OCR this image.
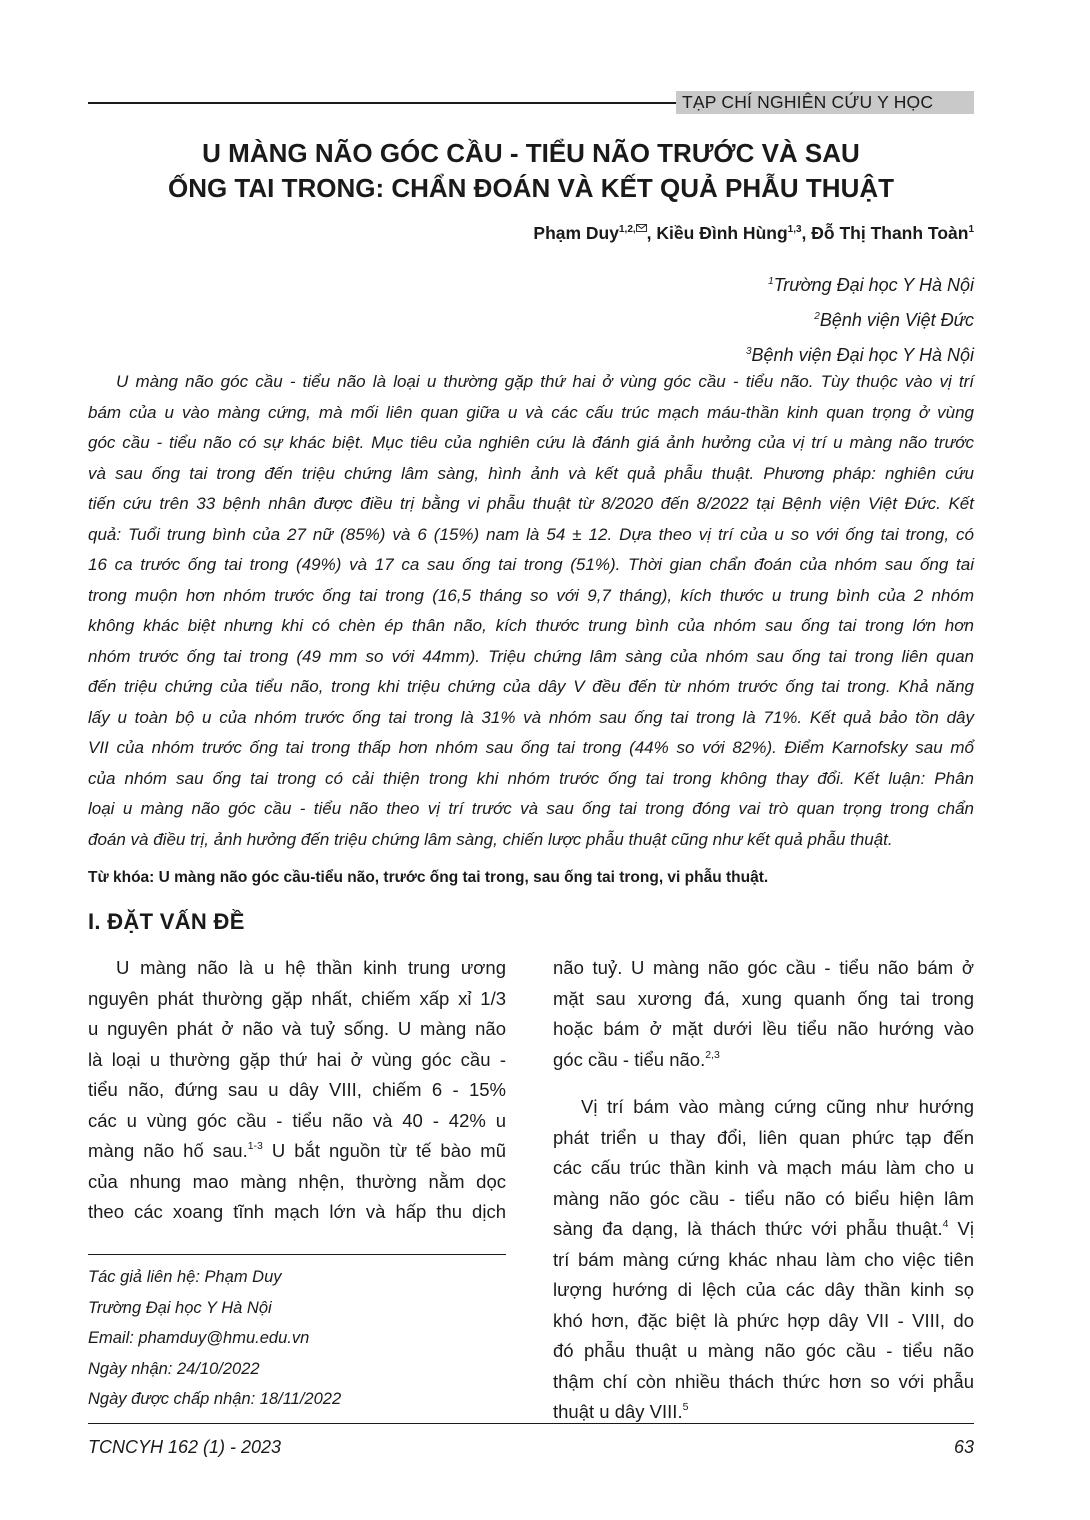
TẠP CHÍ NGHIÊN CỨU Y HỌC
U MÀNG NÃO GÓC CẦU - TIỂU NÃO TRƯỚC VÀ SAU
ỐNG TAI TRONG: CHẨN ĐOÁN VÀ KẾT QUẢ PHẪU THUẬT
Phạm Duy$^{1,2,}$ , Kiều Đình Hùng$^{1,3}$, Đỗ Thị Thanh Toàn$^1$
$^1$Trường Đại học Y Hà Nội
$^2$Bệnh viện Việt Đức
$^3$Bệnh viện Đại học Y Hà Nội
U màng não góc cầu - tiểu não là loại u thường gặp thứ hai ở vùng góc cầu - tiểu não. Tùy thuộc vào vị trí
bám của u vào màng cứng, mà mối liên quan giữa u và các cấu trúc mạch máu-thần kinh quan trọng ở vùng
góc cầu - tiểu não có sự khác biệt. Mục tiêu của nghiên cứu là đánh giá ảnh hưởng của vị trí u màng não trước
và sau ống tai trong đến triệu chứng lâm sàng, hình ảnh và kết quả phẫu thuật. Phương pháp: nghiên cứu
tiến cứu trên 33 bệnh nhân được điều trị bằng vi phẫu thuật từ 8/2020 đến 8/2022 tại Bệnh viện Việt Đức. Kết
quả: Tuổi trung bình của 27 nữ (85%) và 6 (15%) nam là 54 ± 12. Dựa theo vị trí của u so với ống tai trong, có
16 ca trước ống tai trong (49%) và 17 ca sau ống tai trong (51%). Thời gian chẩn đoán của nhóm sau ống tai
trong muộn hơn nhóm trước ống tai trong (16,5 tháng so với 9,7 tháng), kích thước u trung bình của 2 nhóm
không khác biệt nhưng khi có chèn ép thân não, kích thước trung bình của nhóm sau ống tai trong lớn hơn
nhóm trước ống tai trong (49 mm so với 44mm). Triệu chứng lâm sàng của nhóm sau ống tai trong liên quan
đến triệu chứng của tiểu não, trong khi triệu chứng của dây V đều đến từ nhóm trước ống tai trong. Khả năng
lấy u toàn bộ u của nhóm trước ống tai trong là 31% và nhóm sau ống tai trong là 71%. Kết quả bảo tồn dây
VII của nhóm trước ống tai trong thấp hơn nhóm sau ống tai trong (44% so với 82%). Điểm Karnofsky sau mổ
của nhóm sau ống tai trong có cải thiện trong khi nhóm trước ống tai trong không thay đổi. Kết luận: Phân
loại u màng não góc cầu - tiểu não theo vị trí trước và sau ống tai trong đóng vai trò quan trọng trong chẩn
đoán và điều trị, ảnh hưởng đến triệu chứng lâm sàng, chiến lược phẫu thuật cũng như kết quả phẫu thuật.
Từ khóa: U màng não góc cầu-tiểu não, trước ống tai trong, sau ống tai trong, vi phẫu thuật.
I. ĐẶT VẤN ĐỀ
U màng não là u hệ thần kinh trung ương
nguyên phát thường gặp nhất, chiếm xấp xỉ 1/3
u nguyên phát ở não và tuỷ sống. U màng não
là loại u thường gặp thứ hai ở vùng góc cầu -
tiểu não, đứng sau u dây VIII, chiếm 6 - 15%
các u vùng góc cầu - tiểu não và 40 - 42% u
màng não hố sau.$^{1-3}$ U bắt nguồn từ tế bào mũ
của nhung mao màng nhện, thường nằm dọc
theo các xoang tĩnh mạch lớn và hấp thu dịch
não tuỷ. U màng não góc cầu - tiểu não bám ở
mặt sau xương đá, xung quanh ống tai trong
hoặc bám ở mặt dưới lều tiểu não hướng vào
góc cầu - tiểu não.$^{2,3}$
Vị trí bám vào màng cứng cũng như hướng
phát triển u thay đổi, liên quan phức tạp đến
các cấu trúc thần kinh và mạch máu làm cho u
màng não góc cầu - tiểu não có biểu hiện lâm
sàng đa dạng, là thách thức với phẫu thuật.$^4$ Vị
trí bám màng cứng khác nhau làm cho việc tiên
lượng hướng di lệch của các dây thần kinh sọ
khó hơn, đặc biệt là phức hợp dây VII - VIII, do
đó phẫu thuật u màng não góc cầu - tiểu não
thậm chí còn nhiều thách thức hơn so với phẫu
thuật u dây VIII.$^5$
Tác giả liên hệ: Phạm Duy
Trường Đại học Y Hà Nội
Email: phamduy@hmu.edu.vn
Ngày nhận: 24/10/2022
Ngày được chấp nhận: 18/11/2022
TCNCYH 162 (1) - 2023	63
